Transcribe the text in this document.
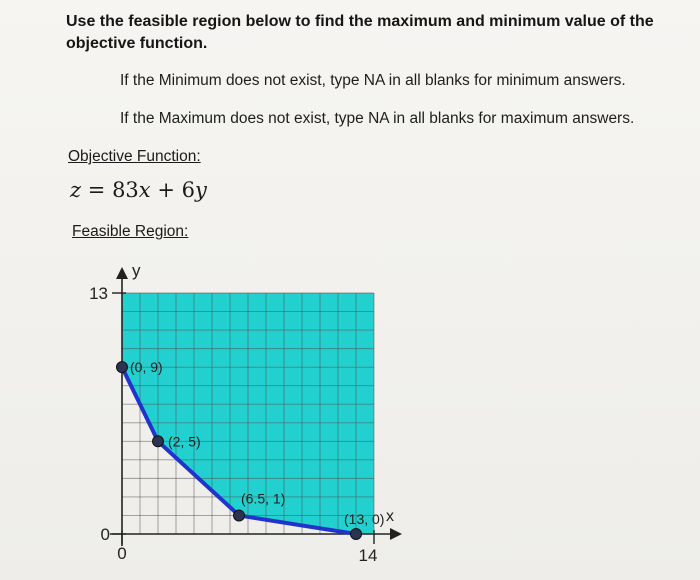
Use the feasible region below to find the maximum and minimum value of the objective function.
If the Minimum does not exist, type NA in all blanks for minimum answers.
If the Maximum does not exist, type NA in all blanks for maximum answers.
Objective Function:
z = 83x + 6y
Feasible Region:
13
0
0	14
y
x
(0, 9)
(2, 5)
(6.5, 1)
(13, 0)
